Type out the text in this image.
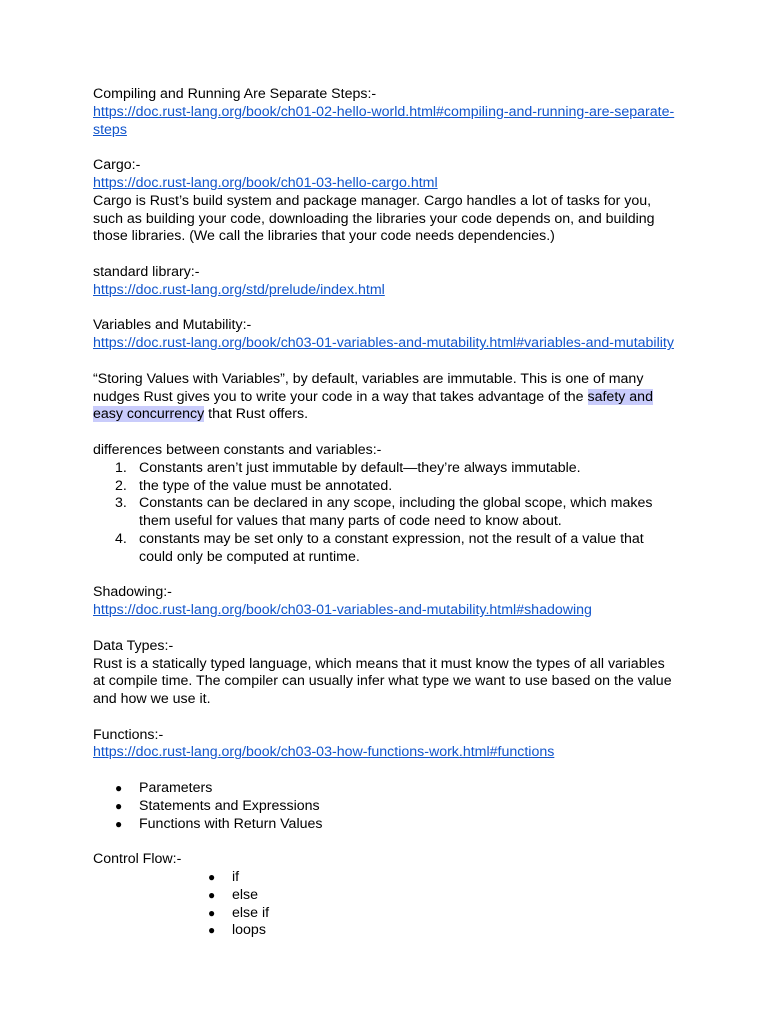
Compiling and Running Are Separate Steps:-
https://doc.rust-lang.org/book/ch01-02-hello-world.html#compiling-and-running-are-separate-
steps
Cargo:-
https://doc.rust-lang.org/book/ch01-03-hello-cargo.html
Cargo is Rust’s build system and package manager. Cargo handles a lot of tasks for you,
such as building your code, downloading the libraries your code depends on, and building
those libraries. (We call the libraries that your code needs dependencies.)
standard library:-
https://doc.rust-lang.org/std/prelude/index.html
Variables and Mutability:-
https://doc.rust-lang.org/book/ch03-01-variables-and-mutability.html#variables-and-mutability
“Storing Values with Variables”, by default, variables are immutable. This is one of many
nudges Rust gives you to write your code in a way that takes advantage of the safety and
easy concurrency that Rust offers.
differences between constants and variables:-
1. Constants aren’t just immutable by default—they’re always immutable.
2. the type of the value must be annotated.
3. Constants can be declared in any scope, including the global scope, which makes
them useful for values that many parts of code need to know about.
4. constants may be set only to a constant expression, not the result of a value that
could only be computed at runtime.
Shadowing:-
https://doc.rust-lang.org/book/ch03-01-variables-and-mutability.html#shadowing
Data Types:-
Rust is a statically typed language, which means that it must know the types of all variables
at compile time. The compiler can usually infer what type we want to use based on the value
and how we use it.
Functions:-
https://doc.rust-lang.org/book/ch03-03-how-functions-work.html#functions
● Parameters
● Statements and Expressions
● Functions with Return Values
Control Flow:-
● if
● else
● else if
● loops
